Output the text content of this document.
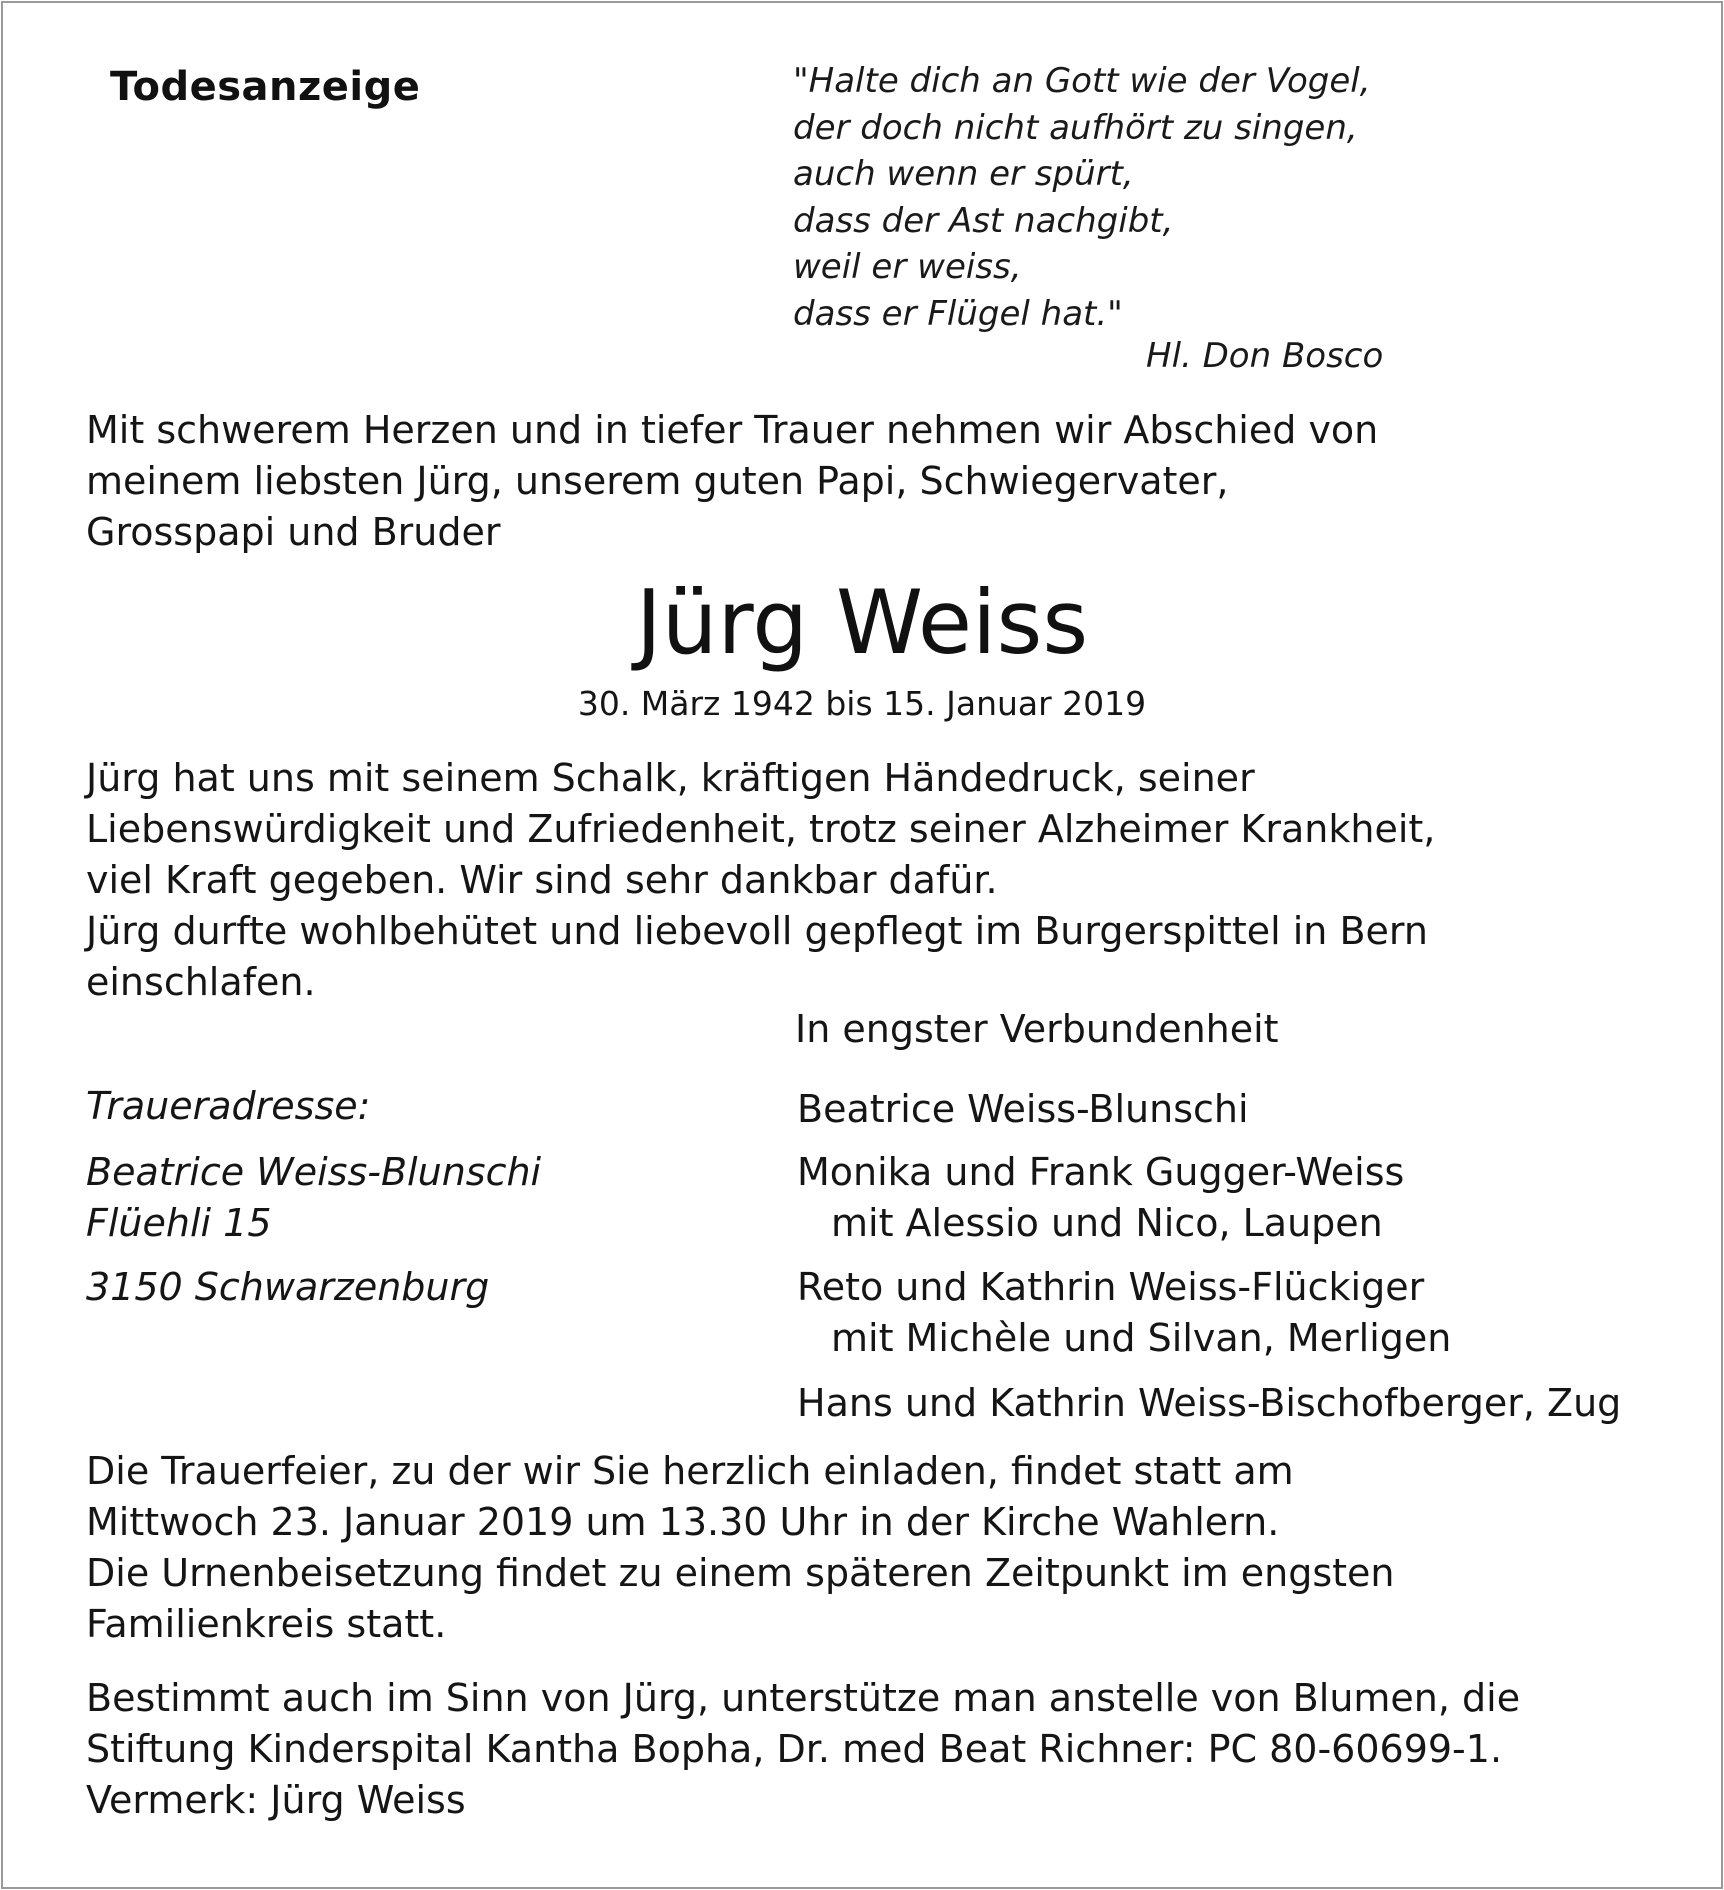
Todesanzeige	"Halte dich an Gott wie der Vogel,
der doch nicht aufhört zu singen,
auch wenn er spürt,
dass der Ast nachgibt,
weil er weiss,
dass er Flügel hat."
Hl. Don Bosco
Mit schwerem Herzen und in tiefer Trauer nehmen wir Abschied von
meinem liebsten Jürg, unserem guten Papi, Schwiegervater,
Grosspapi und Bruder
Jürg Weiss
30. März 1942 bis 15. Januar 2019
Jürg hat uns mit seinem Schalk, kräftigen Händedruck, seiner
Liebenswürdigkeit und Zufriedenheit, trotz seiner Alzheimer Krankheit,
viel Kraft gegeben. Wir sind sehr dankbar dafür.
Jürg durfte wohlbehütet und liebevoll gepflegt im Burgerspittel in Bern
einschlafen.
In engster Verbundenheit
Traueradresse:
Beatrice Weiss-Blunschi
Flüehli 15
3150 Schwarzenburg
Beatrice Weiss-Blunschi
Monika und Frank Gugger-Weiss
mit Alessio und Nico, Laupen
Reto und Kathrin Weiss-Flückiger
mit Michèle und Silvan, Merligen
Hans und Kathrin Weiss-Bischofberger, Zug
Die Trauerfeier, zu der wir Sie herzlich einladen, findet statt am
Mittwoch 23. Januar 2019 um 13.30 Uhr in der Kirche Wahlern.
Die Urnenbeisetzung findet zu einem späteren Zeitpunkt im engsten
Familienkreis statt.
Bestimmt auch im Sinn von Jürg, unterstütze man anstelle von Blumen, die
Stiftung Kinderspital Kantha Bopha, Dr. med Beat Richner: PC 80-60699-1.
Vermerk: Jürg Weiss
